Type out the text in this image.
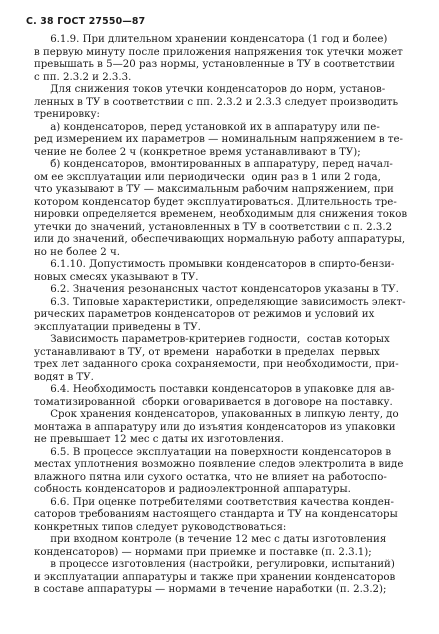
С. 38 ГОСТ 27550—87
6.1.9. При длительном хранении конденсатора (1 год и более)
в первую минуту после приложения напряжения ток утечки может
превышать в 5—20 раз нормы, установленные в ТУ в соответствии
с пп. 2.3.2 и 2.3.3.
Для снижения токов утечки конденсаторов до норм, установ-
ленных в ТУ в соответствии с пп. 2.3.2 и 2.3.3 следует производить
тренировку:
а) конденсаторов, перед установкой их в аппаратуру или пе-
ред измерением их параметров — номинальным напряжением в те-
чение не более 2 ч (конкретное время устанавливают в ТУ);
б) конденсаторов, вмонтированных в аппаратуру, перед начал-
ом ее эксплуатации или периодически  один раз в 1 или 2 года,
что указывают в ТУ — максимальным рабочим напряжением, при
котором конденсатор будет эксплуатироваться. Длительность тре-
нировки определяется временем, необходимым для снижения токов
утечки до значений, установленных в ТУ в соответствии с п. 2.3.2
или до значений, обеспечивающих нормальную работу аппаратуры,
но не более 2 ч.
6.1.10. Допустимость промывки конденсаторов в спирто-бензи-
новых смесях указывают в ТУ.
6.2. Значения резонансных частот конденсаторов указаны в ТУ.
6.3. Типовые характеристики, определяющие зависимость элект-
рических параметров конденсаторов от режимов и условий их
эксплуатации приведены в ТУ.
Зависимость параметров-критериев годности,  состав которых
устанавливают в ТУ, от времени  наработки в пределах  первых
трех лет заданного срока сохраняемости, при необходимости, при-
водят в ТУ.
6.4. Необходимость поставки конденсаторов в упаковке для ав-
томатизированной  сборки оговаривается в договоре на поставку.
Срок хранения конденсаторов, упакованных в липкую ленту, до
монтажа в аппаратуру или до изъятия конденсаторов из упаковки
не превышает 12 мес с даты их изготовления.
6.5. В процессе эксплуатации на поверхности конденсаторов в
местах уплотнения возможно появление следов электролита в виде
влажного пятна или сухого остатка, что не влияет на работоспо-
собность конденсаторов и радиоэлектронной аппаратуры.
6.6. При оценке потребителями соответствия качества конден-
саторов требованиям настоящего стандарта и ТУ на конденсаторы
конкретных типов следует руководствоваться:
при входном контроле (в течение 12 мес с даты изготовления
конденсаторов) — нормами при приемке и поставке (п. 2.3.1);
в процессе изготовления (настройки, регулировки, испытаний)
и эксплуатации аппаратуры и также при хранении конденсаторов
в составе аппаратуры — нормами в течение наработки (п. 2.3.2);
